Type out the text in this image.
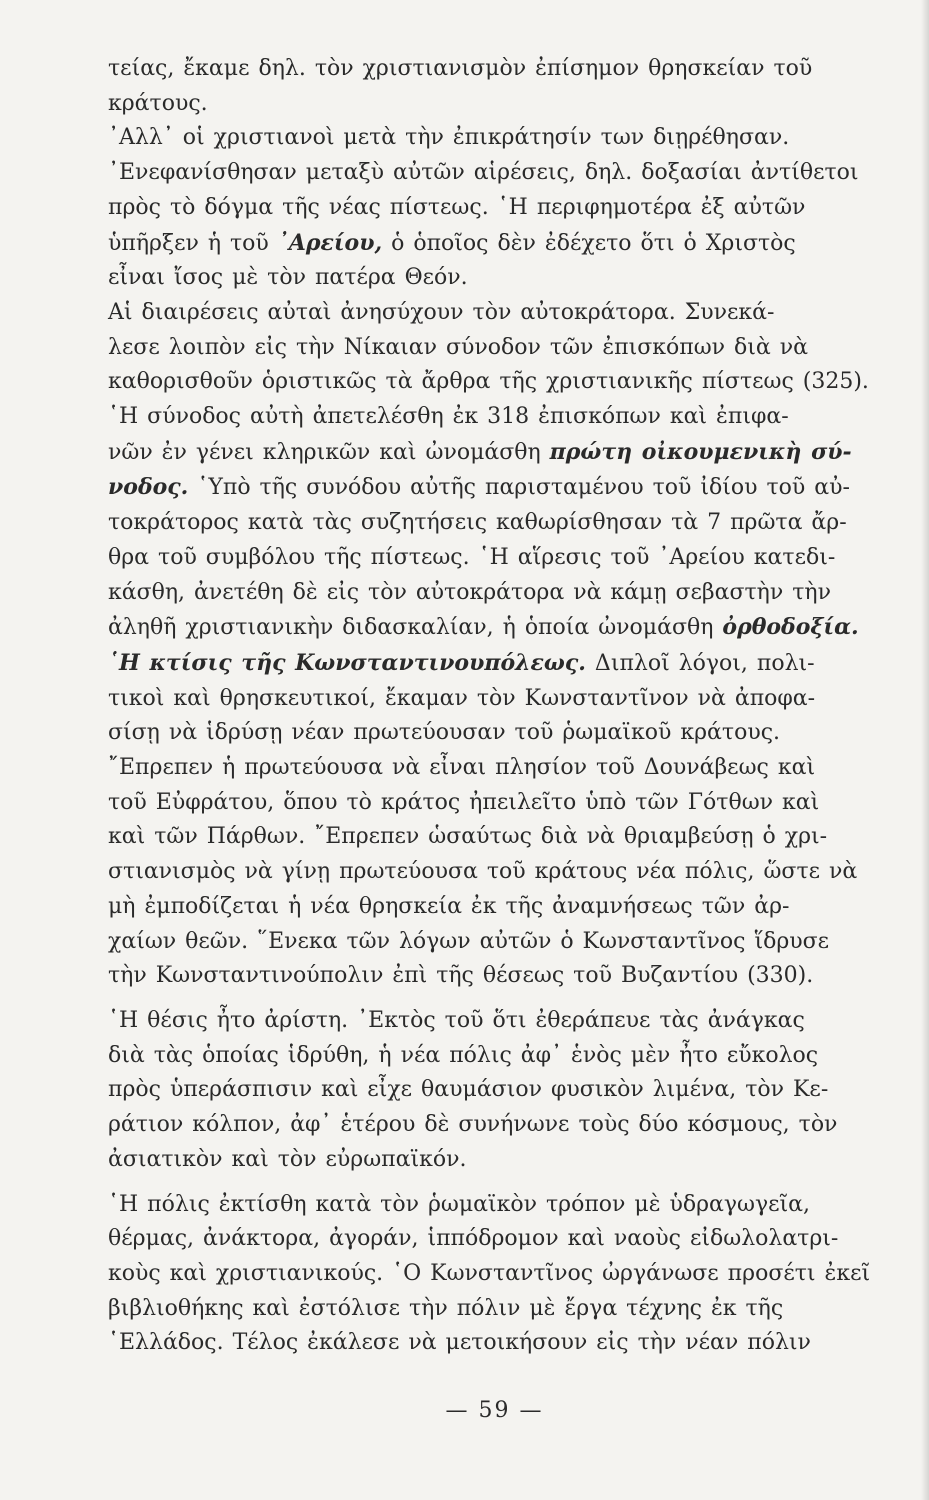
τείας, ἔκαμε δηλ. τὸν χριστιανισμὸν ἐπίσημον θρησκείαν τοῦ
κράτους.
᾿Αλλ᾿ οἱ χριστιανοὶ μετὰ τὴν ἐπικράτησίν των διῃρέθησαν.
᾿Ενεφανίσθησαν μεταξὺ αὐτῶν αἱρέσεις, δηλ. δοξασίαι ἀντίθετοι
πρὸς τὸ δόγμα τῆς νέας πίστεως. ῾Η περιφημοτέρα ἐξ αὐτῶν
ὑπῆρξεν ἡ τοῦ ᾿Αρείου, ὁ ὁποῖος δὲν ἐδέχετο ὅτι ὁ Χριστὸς
εἶναι ἴσος μὲ τὸν πατέρα Θεόν.
Αἱ διαιρέσεις αὐταὶ ἀνησύχουν τὸν αὐτοκράτορα. Συνεκά-
λεσε λοιπὸν εἰς τὴν Νίκαιαν σύνοδον τῶν ἐπισκόπων διὰ νὰ
καθορισθοῦν ὁριστικῶς τὰ ἄρθρα τῆς χριστιανικῆς πίστεως (325).
῾Η σύνοδος αὐτὴ ἀπετελέσθη ἐκ 318 ἐπισκόπων καὶ ἐπιφα-
νῶν ἐν γένει κληρικῶν καὶ ὠνομάσθη πρώτη οἰκουμενικὴ σύ-
νοδος. ῾Υπὸ τῆς συνόδου αὐτῆς παρισταμένου τοῦ ἰδίου τοῦ αὐ-
τοκράτορος κατὰ τὰς συζητήσεις καθωρίσθησαν τὰ 7 πρῶτα ἄρ-
θρα τοῦ συμβόλου τῆς πίστεως. ῾Η αἵρεσις τοῦ ᾿Αρείου κατεδι-
κάσθη, ἀνετέθη δὲ εἰς τὸν αὐτοκράτορα νὰ κάμῃ σεβαστὴν τὴν
ἀληθῆ χριστιανικὴν διδασκαλίαν, ἡ ὁποία ὠνομάσθη ὀρθοδοξία.
῾Η κτίσις τῆς Κωνσταντινουπόλεως. Διπλοῖ λόγοι, πολι-
τικοὶ καὶ θρησκευτικοί, ἔκαμαν τὸν Κωνσταντῖνον νὰ ἀποφα-
σίσῃ νὰ ἱδρύσῃ νέαν πρωτεύουσαν τοῦ ῥωμαϊκοῦ κράτους.
῎Επρεπεν ἡ πρωτεύουσα νὰ εἶναι πλησίον τοῦ Δουνάβεως καὶ
τοῦ Εὐφράτου, ὅπου τὸ κράτος ἠπειλεῖτο ὑπὸ τῶν Γότθων καὶ
καὶ τῶν Πάρθων. ῎Επρεπεν ὡσαύτως διὰ νὰ θριαμβεύσῃ ὁ χρι-
στιανισμὸς νὰ γίνῃ πρωτεύουσα τοῦ κράτους νέα πόλις, ὥστε νὰ
μὴ ἐμποδίζεται ἡ νέα θρησκεία ἐκ τῆς ἀναμνήσεως τῶν ἀρ-
χαίων θεῶν. ῞Ενεκα τῶν λόγων αὐτῶν ὁ Κωνσταντῖνος ἵδρυσε
τὴν Κωνσταντινούπολιν ἐπὶ τῆς θέσεως τοῦ Βυζαντίου (330).
῾Η θέσις ἦτο ἀρίστη. ᾿Εκτὸς τοῦ ὅτι ἐθεράπευε τὰς ἀνάγκας
διὰ τὰς ὁποίας ἱδρύθη, ἡ νέα πόλις ἀφ᾿ ἑνὸς μὲν ἦτο εὔκολος
πρὸς ὑπεράσπισιν καὶ εἶχε θαυμάσιον φυσικὸν λιμένα, τὸν Κε-
ράτιον κόλπον, ἀφ᾿ ἑτέρου δὲ συνήνωνε τοὺς δύο κόσμους, τὸν
ἀσιατικὸν καὶ τὸν εὐρωπαϊκόν.
῾Η πόλις ἐκτίσθη κατὰ τὸν ῥωμαϊκὸν τρόπον μὲ ὑδραγωγεῖα,
θέρμας, ἀνάκτορα, ἀγοράν, ἱππόδρομον καὶ ναοὺς εἰδωλολατρι-
κοὺς καὶ χριστιανικούς. ῾Ο Κωνσταντῖνος ὠργάνωσε προσέτι ἐκεῖ
βιβλιοθήκης καὶ ἐστόλισε τὴν πόλιν μὲ ἔργα τέχνης ἐκ τῆς
῾Ελλάδος. Τέλος ἐκάλεσε νὰ μετοικήσουν εἰς τὴν νέαν πόλιν
— 59 —
